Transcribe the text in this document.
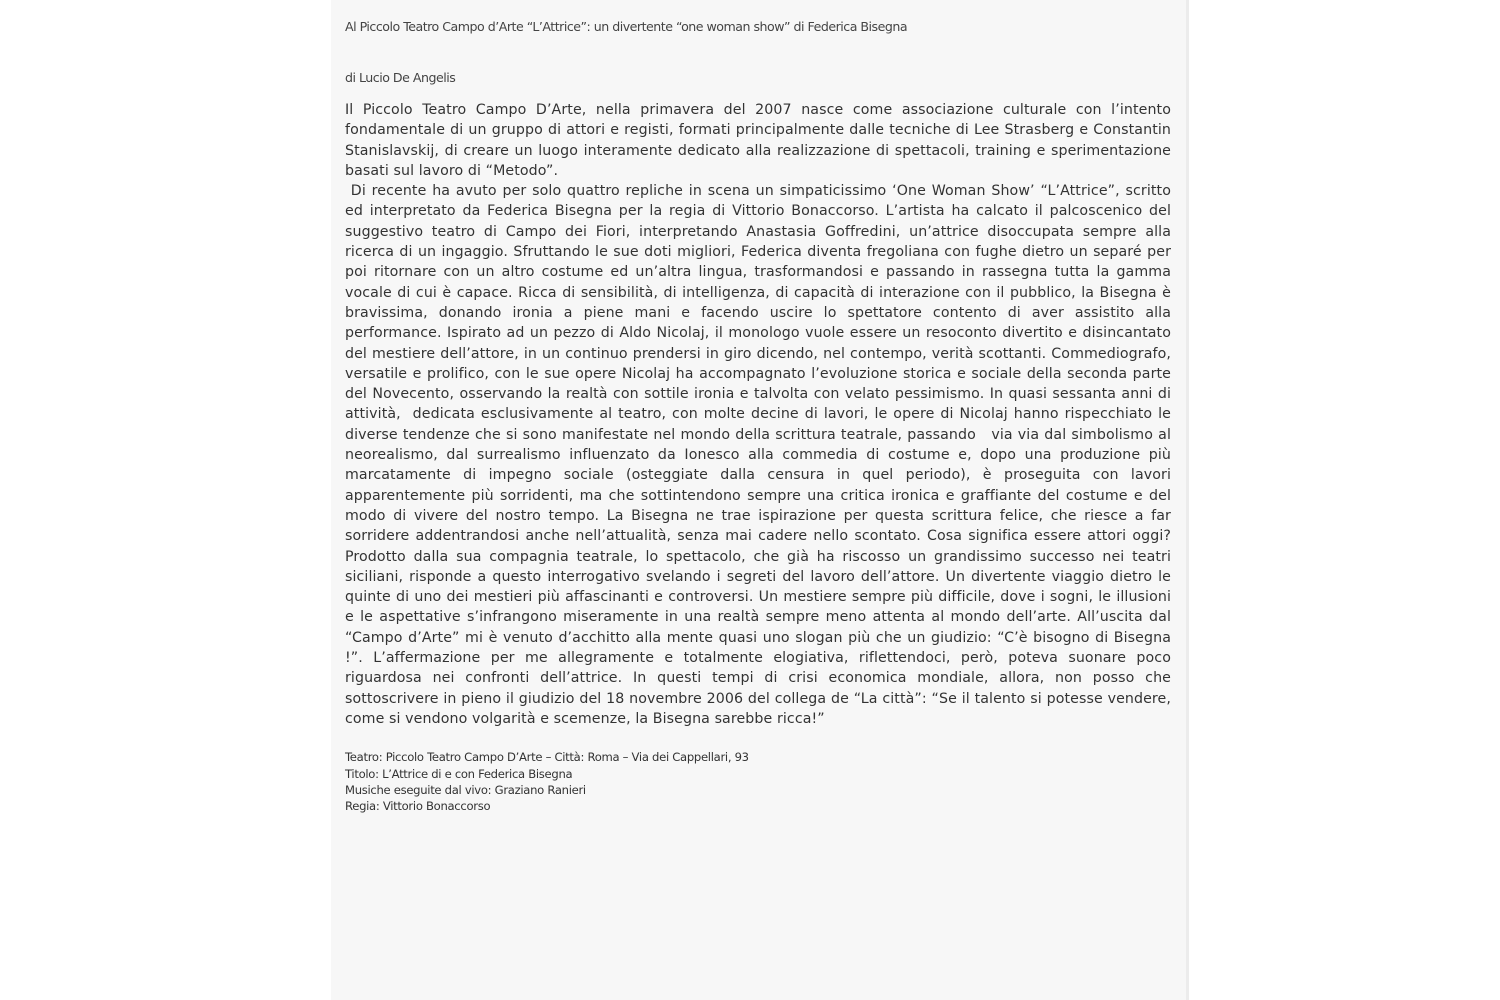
Al Piccolo Teatro Campo d’Arte “L’Attrice”: un divertente “one woman show” di Federica Bisegna

di Lucio De Angelis

Il Piccolo Teatro Campo D’Arte, nella primavera del 2007 nasce come associazione culturale con l’intento fondamentale di un gruppo di attori e registi, formati principalmente dalle tecniche di Lee Strasberg e Constantin Stanislavskij, di creare un luogo interamente dedicato alla realizzazione di spettacoli, training e sperimentazione basati sul lavoro di “Metodo”.

Di recente ha avuto per solo quattro repliche in scena un simpaticissimo ‘One Woman Show’ “L’Attrice”, scritto ed interpretato da Federica Bisegna per la regia di Vittorio Bonaccorso. L’artista ha calcato il palcoscenico del suggestivo teatro di Campo dei Fiori, interpretando Anastasia Goffredini, un’attrice disoccupata sempre alla ricerca di un ingaggio. Sfruttando le sue doti migliori, Federica diventa fregoliana con fughe dietro un separé per poi ritornare con un altro costume ed un’altra lingua, trasformandosi e passando in rassegna tutta la gamma vocale di cui è capace. Ricca di sensibilità, di intelligenza, di capacità di interazione con il pubblico, la Bisegna è bravissima, donando ironia a piene mani e facendo uscire lo spettatore contento di aver assistito alla performance. Ispirato ad un pezzo di Aldo Nicolaj, il monologo vuole essere un resoconto divertito e disincantato del mestiere dell’attore, in un continuo prendersi in giro dicendo, nel contempo, verità scottanti. Commediografo, versatile e prolifico, con le sue opere Nicolaj ha accompagnato l’evoluzione storica e sociale della seconda parte del Novecento, osservando la realtà con sottile ironia e talvolta con velato pessimismo. In quasi sessanta anni di attività,  dedicata esclusivamente al teatro, con molte decine di lavori, le opere di Nicolaj hanno rispecchiato le diverse tendenze che si sono manifestate nel mondo della scrittura teatrale, passando   via via dal simbolismo al neorealismo, dal surrealismo influenzato da Ionesco alla commedia di costume e, dopo una produzione più marcatamente di impegno sociale (osteggiate dalla censura in quel periodo), è proseguita con lavori apparentemente più sorridenti, ma che sottintendono sempre una critica ironica e graffiante del costume e del modo di vivere del nostro tempo. La Bisegna ne trae ispirazione per questa scrittura felice, che riesce a far sorridere addentrandosi anche nell’attualità, senza mai cadere nello scontato. Cosa significa essere attori oggi? Prodotto dalla sua compagnia teatrale, lo spettacolo, che già ha riscosso un grandissimo successo nei teatri siciliani, risponde a questo interrogativo svelando i segreti del lavoro dell’attore. Un divertente viaggio dietro le quinte di uno dei mestieri più affascinanti e controversi. Un mestiere sempre più difficile, dove i sogni, le illusioni e le aspettative s’infrangono miseramente in una realtà sempre meno attenta al mondo dell’arte. All’uscita dal “Campo d’Arte” mi è venuto d’acchitto alla mente quasi uno slogan più che un giudizio: “C’è bisogno di Bisegna !”. L’affermazione per me allegramente e totalmente elogiativa, riflettendoci, però, poteva suonare poco riguardosa nei confronti dell’attrice. In questi tempi di crisi economica mondiale, allora, non posso che sottoscrivere in pieno il giudizio del 18 novembre 2006 del collega de “La città”: “Se il talento si potesse vendere, come si vendono volgarità e scemenze, la Bisegna sarebbe ricca!”

Teatro: Piccolo Teatro Campo D’Arte – Città: Roma – Via dei Cappellari, 93

Titolo: L’Attrice di e con Federica Bisegna

Musiche eseguite dal vivo: Graziano Ranieri

Regia: Vittorio Bonaccorso
